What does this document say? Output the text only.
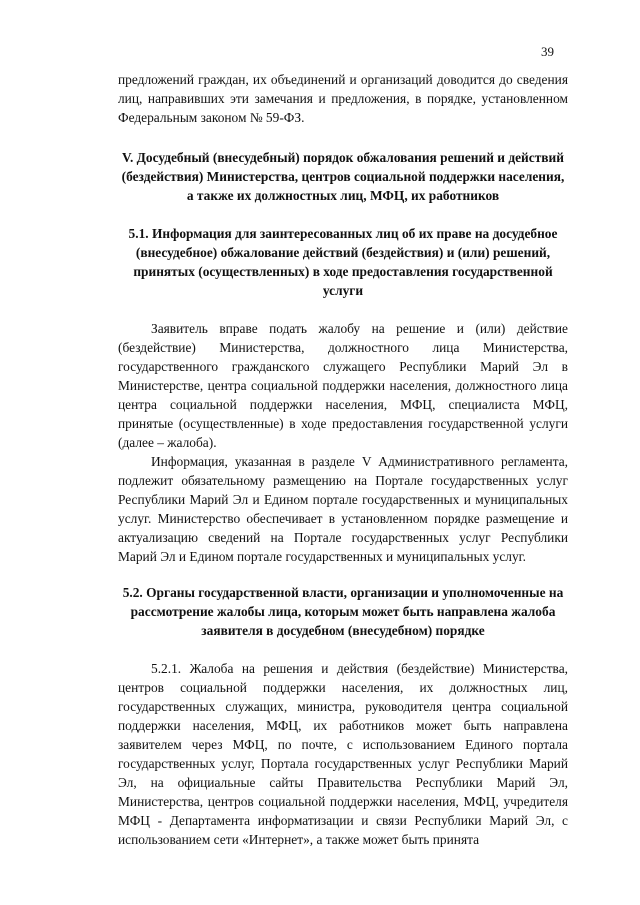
39

предложений граждан, их объединений и организаций доводится до сведения лиц, направивших эти замечания и предложения, в порядке, установленном Федеральным законом № 59-ФЗ.

V. Досудебный (внесудебный) порядок обжалования решений и действий (бездействия) Министерства, центров социальной поддержки населения, а также их должностных лиц, МФЦ, их работников

5.1. Информация для заинтересованных лиц об их праве на досудебное (внесудебное) обжалование действий (бездействия) и (или) решений, принятых (осуществленных) в ходе предоставления государственной услуги

Заявитель вправе подать жалобу на решение и (или) действие (бездействие) Министерства, должностного лица Министерства, государственного гражданского служащего Республики Марий Эл в Министерстве, центра социальной поддержки населения, должностного лица центра социальной поддержки населения, МФЦ, специалиста МФЦ, принятые (осуществленные) в ходе предоставления государственной услуги (далее – жалоба).

Информация, указанная в разделе V Административного регламента, подлежит обязательному размещению на Портале государственных услуг Республики Марий Эл и Едином портале государственных и муниципальных услуг. Министерство обеспечивает в установленном порядке размещение и актуализацию сведений на Портале государственных услуг Республики Марий Эл и Едином портале государственных и муниципальных услуг.

5.2. Органы государственной власти, организации и уполномоченные на рассмотрение жалобы лица, которым может быть направлена жалоба заявителя в досудебном (внесудебном) порядке

5.2.1. Жалоба на решения и действия (бездействие) Министерства, центров социальной поддержки населения, их должностных лиц, государственных служащих, министра, руководителя центра социальной поддержки населения, МФЦ, их работников может быть направлена заявителем через МФЦ, по почте, с использованием Единого портала государственных услуг, Портала государственных услуг Республики Марий Эл, на официальные сайты Правительства Республики Марий Эл, Министерства, центров социальной поддержки населения, МФЦ, учредителя МФЦ - Департамента информатизации и связи Республики Марий Эл, с использованием сети «Интернет», а также может быть принята
